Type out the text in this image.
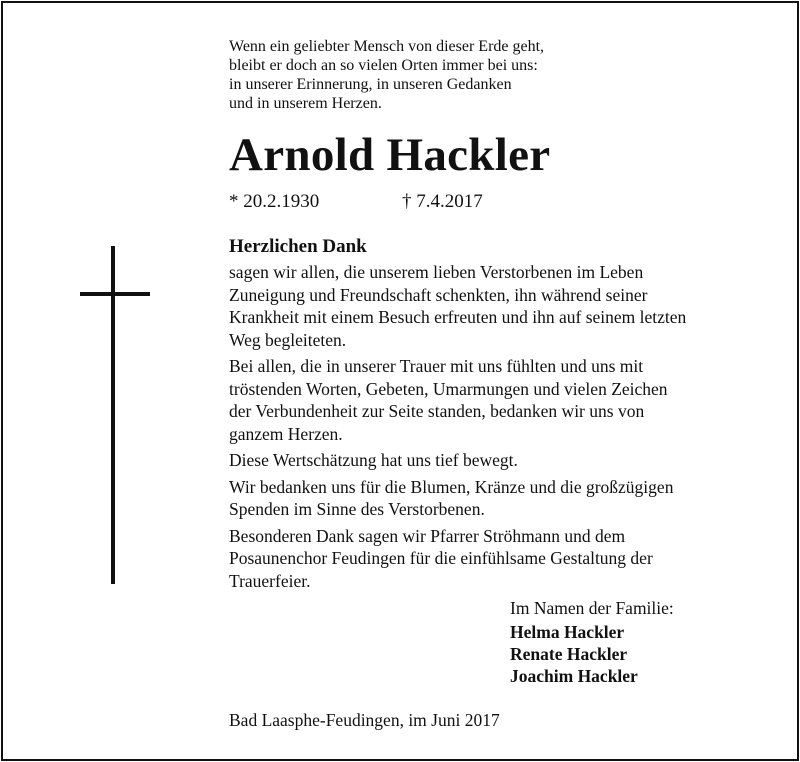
Wenn ein geliebter Mensch von dieser Erde geht,
bleibt er doch an so vielen Orten immer bei uns:
in unserer Erinnerung, in unseren Gedanken
und in unserem Herzen.
Arnold Hackler
* 20.2.1930	† 7.4.2017
Herzlichen Dank
sagen wir allen, die unserem lieben Verstorbenen im Leben
Zuneigung und Freundschaft schenkten, ihn während seiner
Krankheit mit einem Besuch erfreuten und ihn auf seinem letzten
Weg begleiteten.
Bei allen, die in unserer Trauer mit uns fühlten und uns mit
tröstenden Worten, Gebeten, Umarmungen und vielen Zeichen
der Verbundenheit zur Seite standen, bedanken wir uns von
ganzem Herzen.
Diese Wertschätzung hat uns tief bewegt.
Wir bedanken uns für die Blumen, Kränze und die großzügigen
Spenden im Sinne des Verstorbenen.
Besonderen Dank sagen wir Pfarrer Ströhmann und dem
Posaunenchor Feudingen für die einfühlsame Gestaltung der
Trauerfeier.
Im Namen der Familie:
Helma Hackler
Renate Hackler
Joachim Hackler
Bad Laasphe-Feudingen, im Juni 2017
